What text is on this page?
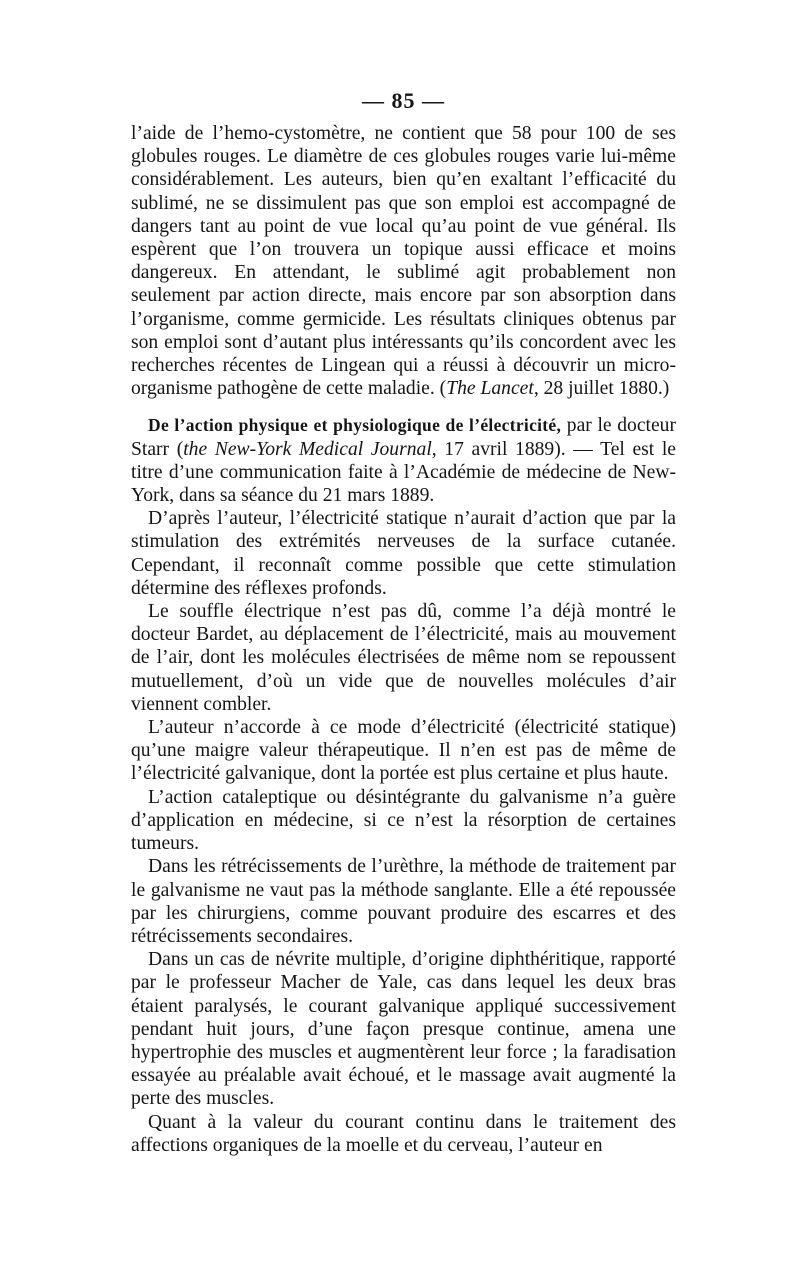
— 85 —

l’aide de l’hemo-cystomètre, ne contient que 58 pour 100 de ses globules rouges. Le diamètre de ces globules rouges varie lui-même considérablement. Les auteurs, bien qu’en exaltant l’efficacité du sublimé, ne se dissimulent pas que son emploi est accompagné de dangers tant au point de vue local qu’au point de vue général. Ils espèrent que l’on trouvera un topique aussi efficace et moins dangereux. En attendant, le sublimé agit probablement non seulement par action directe, mais encore par son absorption dans l’organisme, comme germicide. Les résultats cliniques obtenus par son emploi sont d’autant plus intéressants qu’ils concordent avec les recherches récentes de Lingean qui a réussi à découvrir un micro-organisme pathogène de cette maladie. (The Lancet, 28 juillet 1880.)

De l’action physique et physiologique de l’électricité, par le docteur Starr (the New-York Medical Journal, 17 avril 1889). — Tel est le titre d’une communication faite à l’Académie de médecine de New-York, dans sa séance du 21 mars 1889.

D’après l’auteur, l’électricité statique n’aurait d’action que par la stimulation des extrémités nerveuses de la surface cutanée. Cependant, il reconnaît comme possible que cette stimulation détermine des réflexes profonds.

Le souffle électrique n’est pas dû, comme l’a déjà montré le docteur Bardet, au déplacement de l’électricité, mais au mouvement de l’air, dont les molécules électrisées de même nom se repoussent mutuellement, d’où un vide que de nouvelles molécules d’air viennent combler.

L’auteur n’accorde à ce mode d’électricité (électricité statique) qu’une maigre valeur thérapeutique. Il n’en est pas de même de l’électricité galvanique, dont la portée est plus certaine et plus haute.

L’action cataleptique ou désintégrante du galvanisme n’a guère d’application en médecine, si ce n’est la résorption de certaines tumeurs.

Dans les rétrécissements de l’urèthre, la méthode de traitement par le galvanisme ne vaut pas la méthode sanglante. Elle a été repoussée par les chirurgiens, comme pouvant produire des escarres et des rétrécissements secondaires.

Dans un cas de névrite multiple, d’origine diphthéritique, rapporté par le professeur Macher de Yale, cas dans lequel les deux bras étaient paralysés, le courant galvanique appliqué successivement pendant huit jours, d’une façon presque continue, amena une hypertrophie des muscles et augmentèrent leur force ; la faradisation essayée au préalable avait échoué, et le massage avait augmenté la perte des muscles.

Quant à la valeur du courant continu dans le traitement des affections organiques de la moelle et du cerveau, l’auteur en
